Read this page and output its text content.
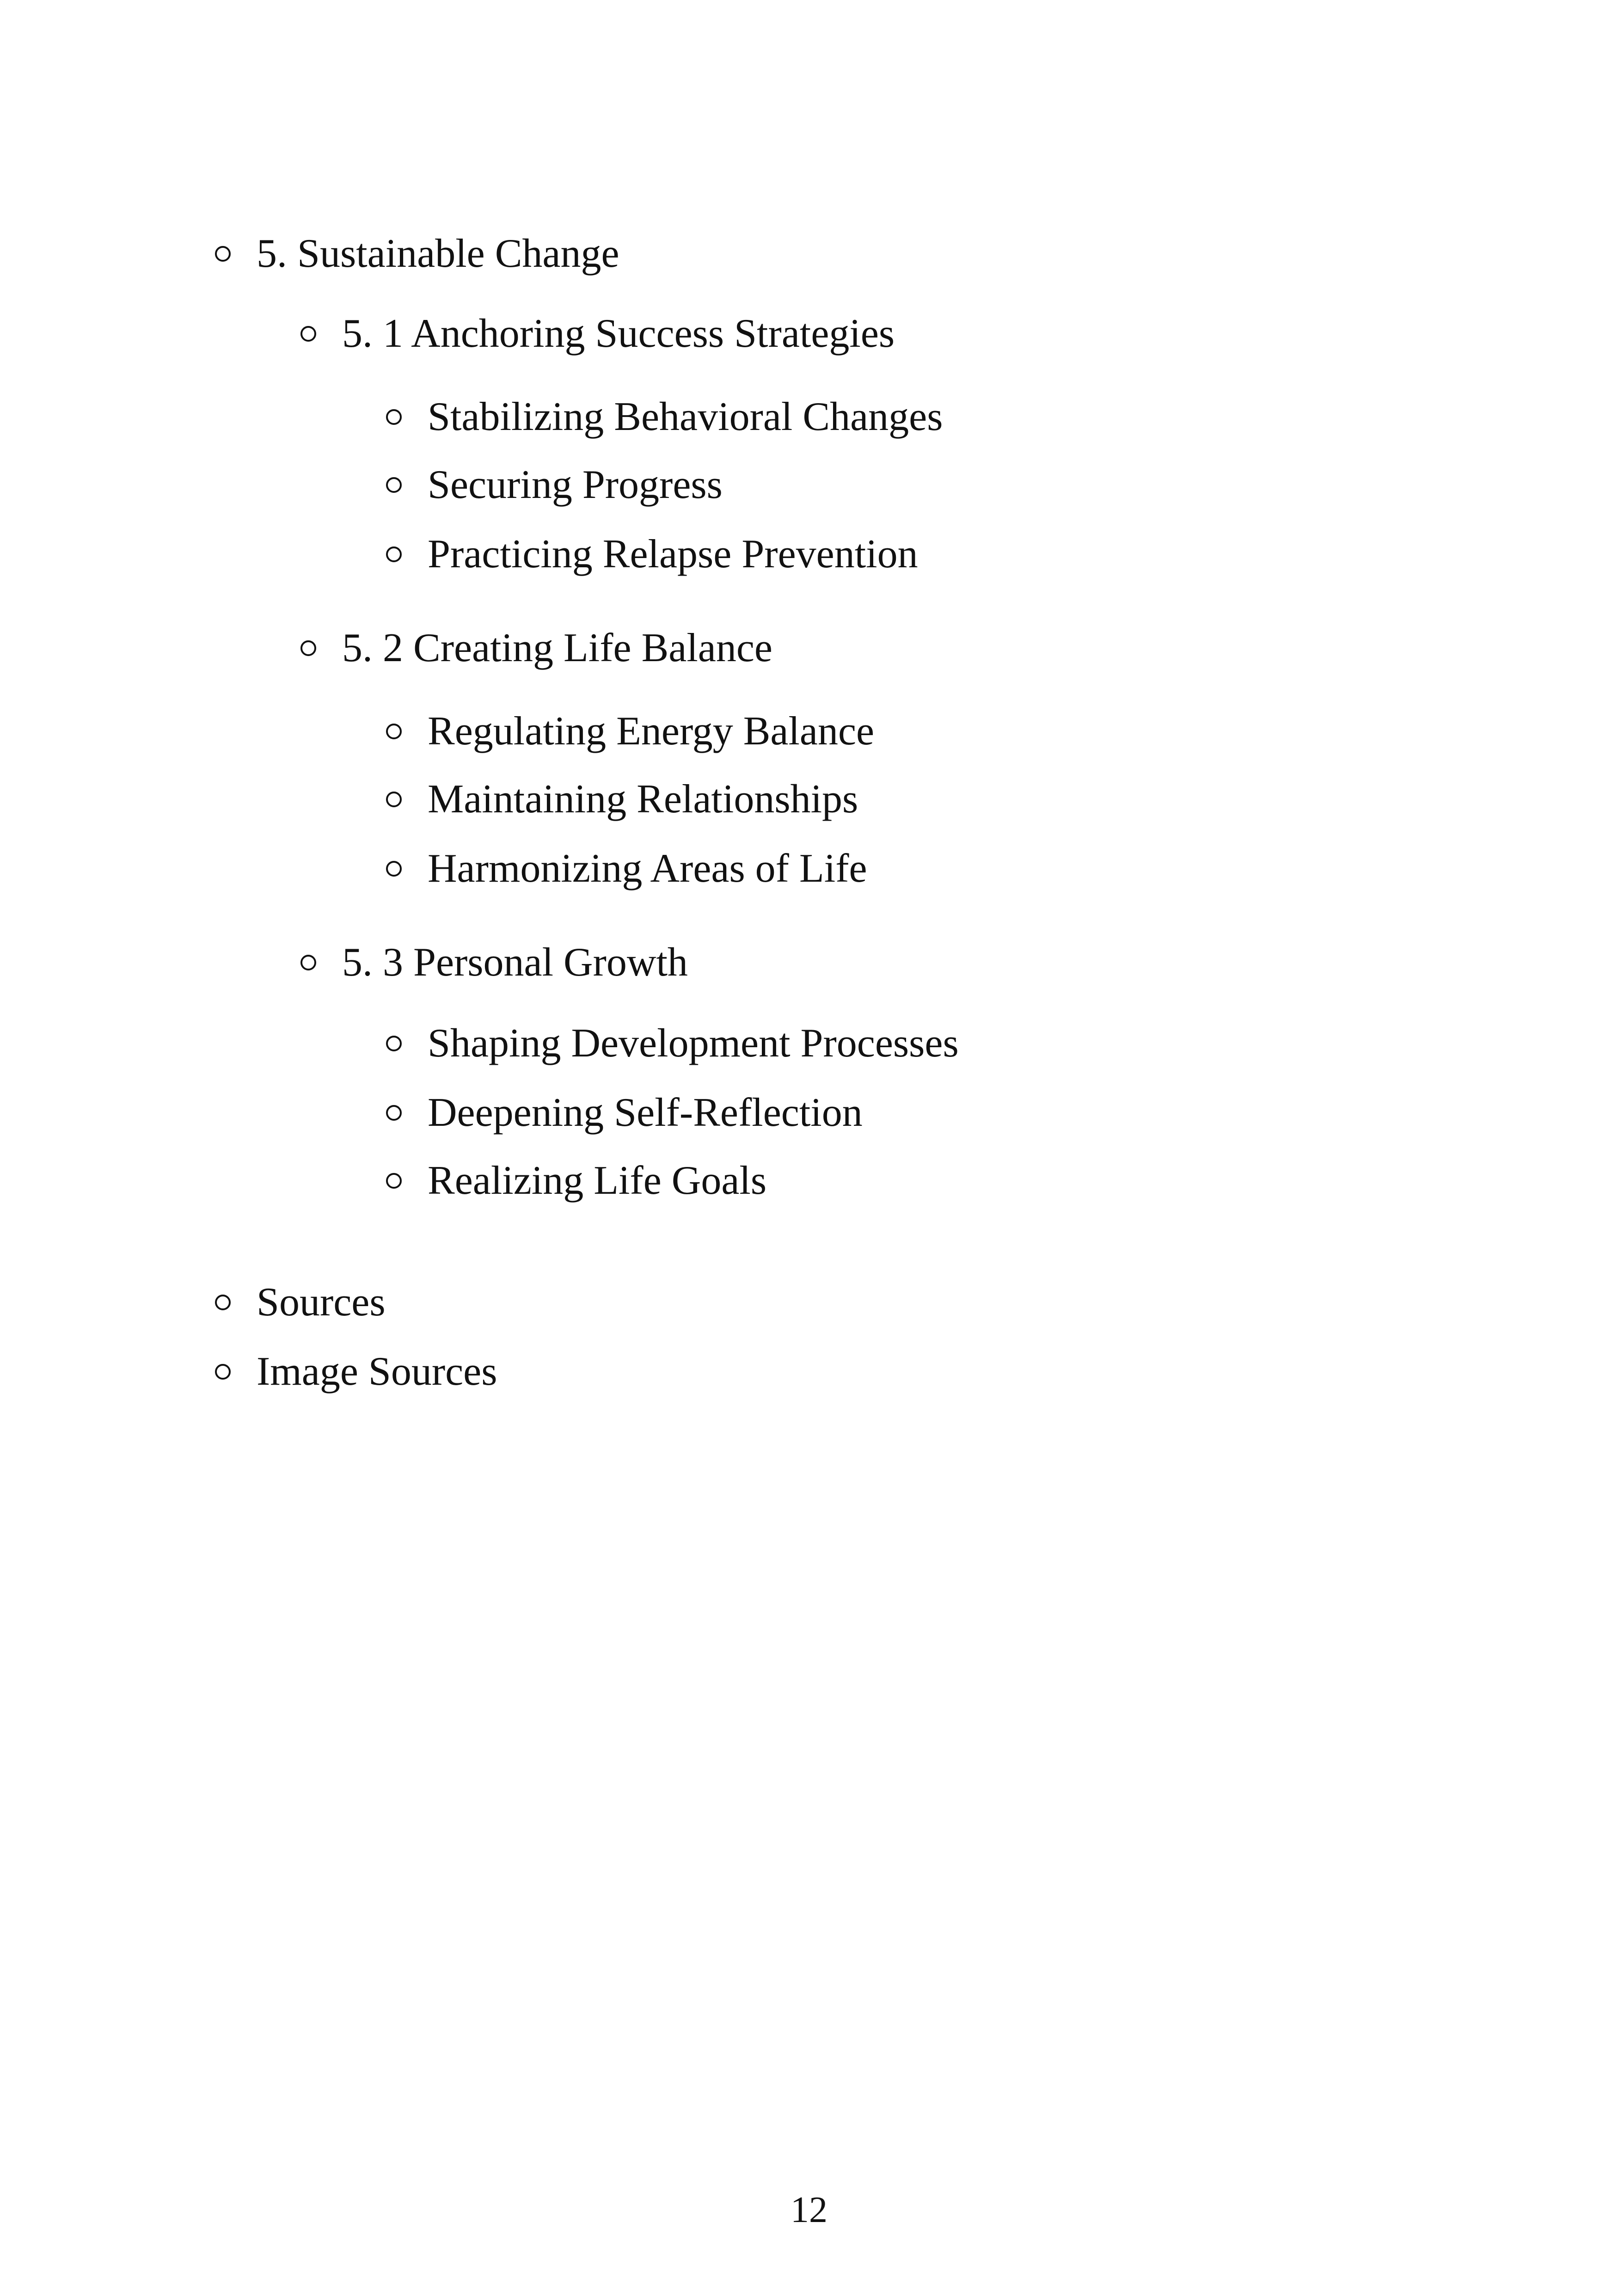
5. Sustainable Change
5. 1 Anchoring Success Strategies
Stabilizing Behavioral Changes
Securing Progress
Practicing Relapse Prevention
5. 2 Creating Life Balance
Regulating Energy Balance
Maintaining Relationships
Harmonizing Areas of Life
5. 3 Personal Growth
Shaping Development Processes
Deepening Self-Reflection
Realizing Life Goals
Sources
Image Sources
12
